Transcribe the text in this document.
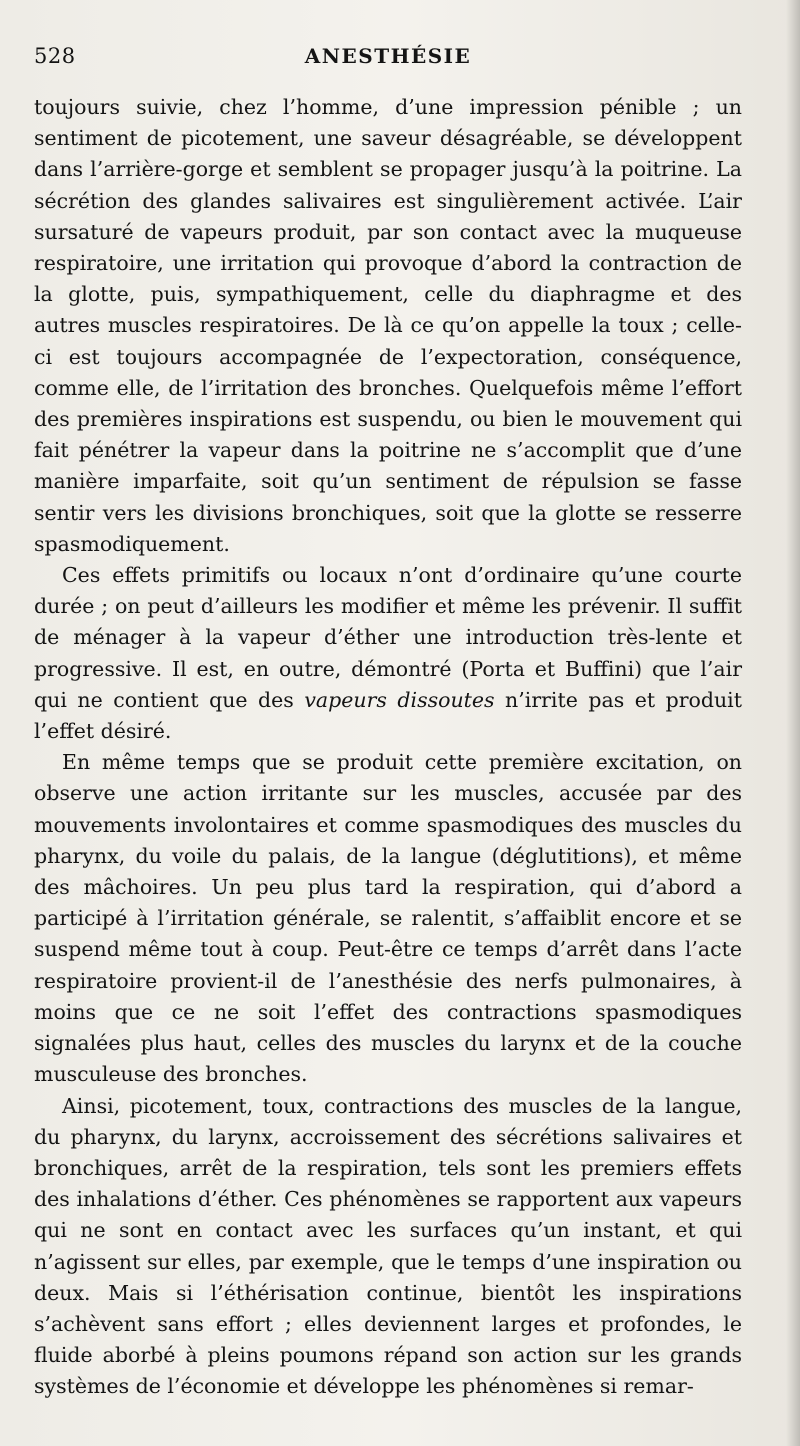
528	ANESTHÉSIE

toujours suivie, chez l’homme, d’une impression pénible ; un sentiment de picotement, une saveur désagréable, se développent dans l’arrière-gorge et semblent se propager jusqu’à la poitrine. La sécrétion des glandes salivaires est singulièrement activée. L’air sursaturé de vapeurs produit, par son contact avec la muqueuse respiratoire, une irritation qui provoque d’abord la contraction de la glotte, puis, sympathiquement, celle du diaphragme et des autres muscles respiratoires. De là ce qu’on appelle la toux ; celle-ci est toujours accompagnée de l’expectoration, conséquence, comme elle, de l’irritation des bronches. Quelquefois même l’effort des premières inspirations est suspendu, ou bien le mouvement qui fait pénétrer la vapeur dans la poitrine ne s’accomplit que d’une manière imparfaite, soit qu’un sentiment de répulsion se fasse sentir vers les divisions bronchiques, soit que la glotte se resserre spasmodiquement.

Ces effets primitifs ou locaux n’ont d’ordinaire qu’une courte durée ; on peut d’ailleurs les modifier et même les prévenir. Il suffit de ménager à la vapeur d’éther une introduction très-lente et progressive. Il est, en outre, démontré (Porta et Buffini) que l’air qui ne contient que des vapeurs dissoutes n’irrite pas et produit l’effet désiré.

En même temps que se produit cette première excitation, on observe une action irritante sur les muscles, accusée par des mouvements involontaires et comme spasmodiques des muscles du pharynx, du voile du palais, de la langue (déglutitions), et même des mâchoires. Un peu plus tard la respiration, qui d’abord a participé à l’irritation générale, se ralentit, s’affaiblit encore et se suspend même tout à coup. Peut-être ce temps d’arrêt dans l’acte respiratoire provient-il de l’anesthésie des nerfs pulmonaires, à moins que ce ne soit l’effet des contractions spasmodiques signalées plus haut, celles des muscles du larynx et de la couche musculeuse des bronches.

Ainsi, picotement, toux, contractions des muscles de la langue, du pharynx, du larynx, accroissement des sécrétions salivaires et bronchiques, arrêt de la respiration, tels sont les premiers effets des inhalations d’éther. Ces phénomènes se rapportent aux vapeurs qui ne sont en contact avec les surfaces qu’un instant, et qui n’agissent sur elles, par exemple, que le temps d’une inspiration ou deux. Mais si l’éthérisation continue, bientôt les inspirations s’achèvent sans effort ; elles deviennent larges et profondes, le fluide aborbé à pleins poumons répand son action sur les grands systèmes de l’économie et développe les phénomènes si remar-
